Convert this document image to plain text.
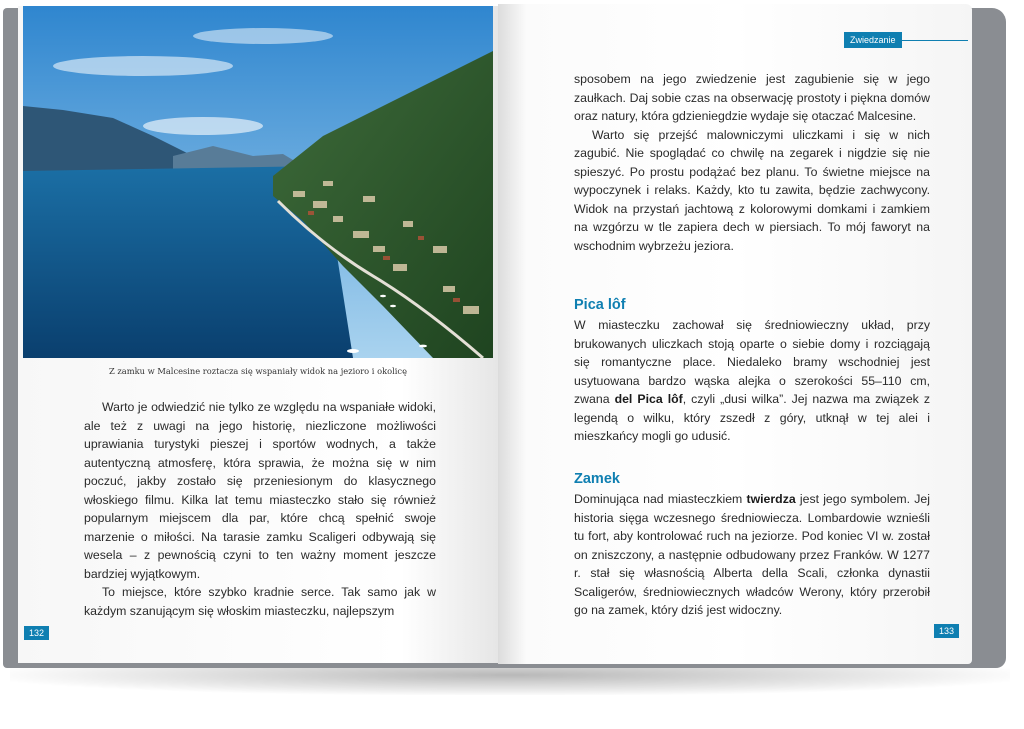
Z zamku w Malcesine roztacza się wspaniały widok na jezioro i okolicę

Warto je odwiedzić nie tylko ze względu na wspaniałe widoki, ale też z uwagi na jego historię, niezliczone możliwości uprawiania turystyki pieszej i sportów wodnych, a także autentyczną atmosferę, która sprawia, że można się w nim poczuć, jakby zostało się przeniesionym do klasycznego włoskiego filmu. Kilka lat temu miasteczko stało się również popularnym miejscem dla par, które chcą spełnić swoje marzenie o miłości. Na tarasie zamku Scaligeri odbywają się wesela – z pewnością czyni to ten ważny moment jeszcze bardziej wyjątkowym.

To miejsce, które szybko kradnie serce. Tak samo jak w każdym szanującym się włoskim miasteczku, najlepszym

132
Zwiedzanie

sposobem na jego zwiedzenie jest zagubienie się w jego zaułkach. Daj sobie czas na obserwację prostoty i piękna domów oraz natury, która gdzieniegdzie wydaje się otaczać Malcesine.

Warto się przejść malowniczymi uliczkami i się w nich zagubić. Nie spoglądać co chwilę na zegarek i nigdzie się nie spieszyć. Po prostu podążać bez planu. To świetne miejsce na wypoczynek i relaks. Każdy, kto tu zawita, będzie zachwycony. Widok na przystań jachtową z kolorowymi domkami i zamkiem na wzgórzu w tle zapiera dech w piersiach. To mój faworyt na wschodnim wybrzeżu jeziora.

Pica lôf

W miasteczku zachował się średniowieczny układ, przy brukowanych uliczkach stoją oparte o siebie domy i rozciągają się romantyczne place. Niedaleko bramy wschodniej jest usytuowana bardzo wąska alejka o szerokości 55–110 cm, zwana del Pica lôf, czyli „dusi wilka”. Jej nazwa ma związek z legendą o wilku, który zszedł z góry, utknął w tej alei i mieszkańcy mogli go udusić.

Zamek

Dominująca nad miasteczkiem twierdza jest jego symbolem. Jej historia sięga wczesnego średniowiecza. Lombardowie wznieśli tu fort, aby kontrolować ruch na jeziorze. Pod koniec VI w. został on zniszczony, a następnie odbudowany przez Franków. W 1277 r. stał się własnością Alberta della Scali, członka dynastii Scaligerów, średniowiecznych władców Werony, który przerobił go na zamek, który dziś jest widoczny.

133
